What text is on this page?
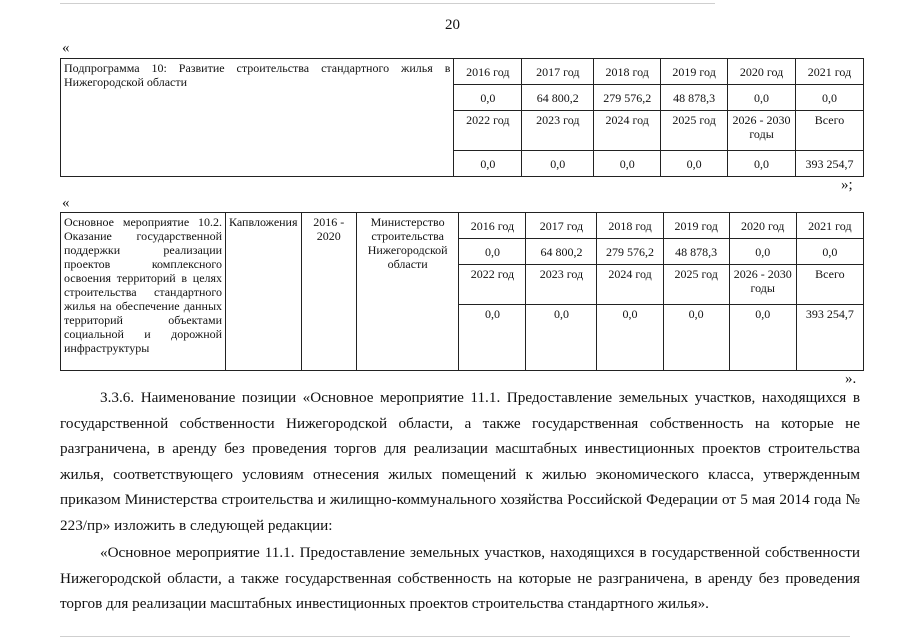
20
«
Подпрограмма 10: Развитие строительства стандартного жилья в Нижегородской области	2016 год	2017 год	2018 год	2019 год	2020 год	2021 год
	0,0	64 800,2	279 576,2	48 878,3	0,0	0,0
	2022 год	2023 год	2024 год	2025 год	2026 - 2030 годы	Всего
	0,0	0,0	0,0	0,0	0,0	393 254,7
»;
«
Основное мероприятие 10.2. Оказание государственной поддержки реализации проектов комплексного освоения территорий в целях строительства стандартного жилья на обеспечение данных территорий объектами социальной и дорожной инфраструктуры	Капвложения	2016 - 2020	Министерство строительства Нижегородской области	2016 год	2017 год	2018 год	2019 год	2020 год	2021 год
				0,0	64 800,2	279 576,2	48 878,3	0,0	0,0
				2022 год	2023 год	2024 год	2025 год	2026 - 2030 годы	Всего
				0,0	0,0	0,0	0,0	0,0	393 254,7
».

3.3.6. Наименование позиции «Основное мероприятие 11.1. Предоставление земельных участков, находящихся в государственной собственности Нижегородской области, а также государственная собственность на которые не разграничена, в аренду без проведения торгов для реализации масштабных инвестиционных проектов строительства жилья, соответствующего условиям отнесения жилых помещений к жилью экономического класса, утвержденным приказом Министерства строительства и жилищно-коммунального хозяйства Российской Федерации от 5 мая 2014 года № 223/пр» изложить в следующей редакции:

«Основное мероприятие 11.1. Предоставление земельных участков, находящихся в государственной собственности Нижегородской области, а также государственная собственность на которые не разграничена, в аренду без проведения торгов для реализации масштабных инвестиционных проектов строительства стандартного жилья».
